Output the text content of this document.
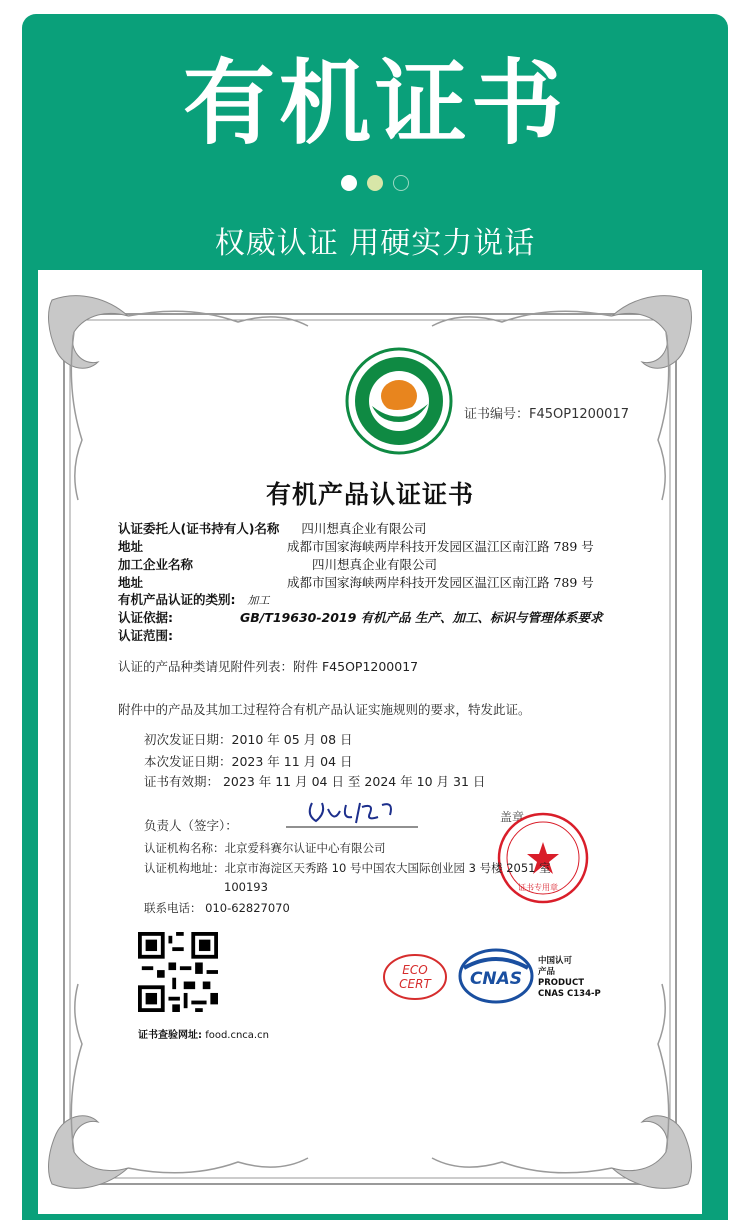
有机证书
权威认证 用硬实力说话
证书编号：F45OP1200017
有机产品认证证书
认证委托人(证书持有人)名称 四川想真企业有限公司
地址	成都市国家海峡两岸科技开发园区温江区南江路 789 号
加工企业名称	四川想真企业有限公司
地址	成都市国家海峡两岸科技开发园区温江区南江路 789 号
有机产品认证的类别: 加工
认证依据:	GB/T19630-2019 有机产品 生产、加工、标识与管理体系要求
认证范围:
认证的产品种类请见附件列表：附件 F45OP1200017
附件中的产品及其加工过程符合有机产品认证实施规则的要求，特发此证。
初次发证日期：2010 年 05 月 08 日
本次发证日期：2023 年 11 月 04 日
证书有效期： 2023 年 11 月 04 日 至 2024 年 10 月 31 日
负责人（签字）：
盖章
证书专用章
认证机构名称：北京爱科赛尔认证中心有限公司
认证机构地址：北京市海淀区天秀路 10 号中国农大国际创业园 3 号楼 2051 室
100193
联系电话： 010-62827070
ECO
CERT CNAS
中国认可
产品
PRODUCT
CNAS C134-P
证书查验网址: food.cnca.cn
